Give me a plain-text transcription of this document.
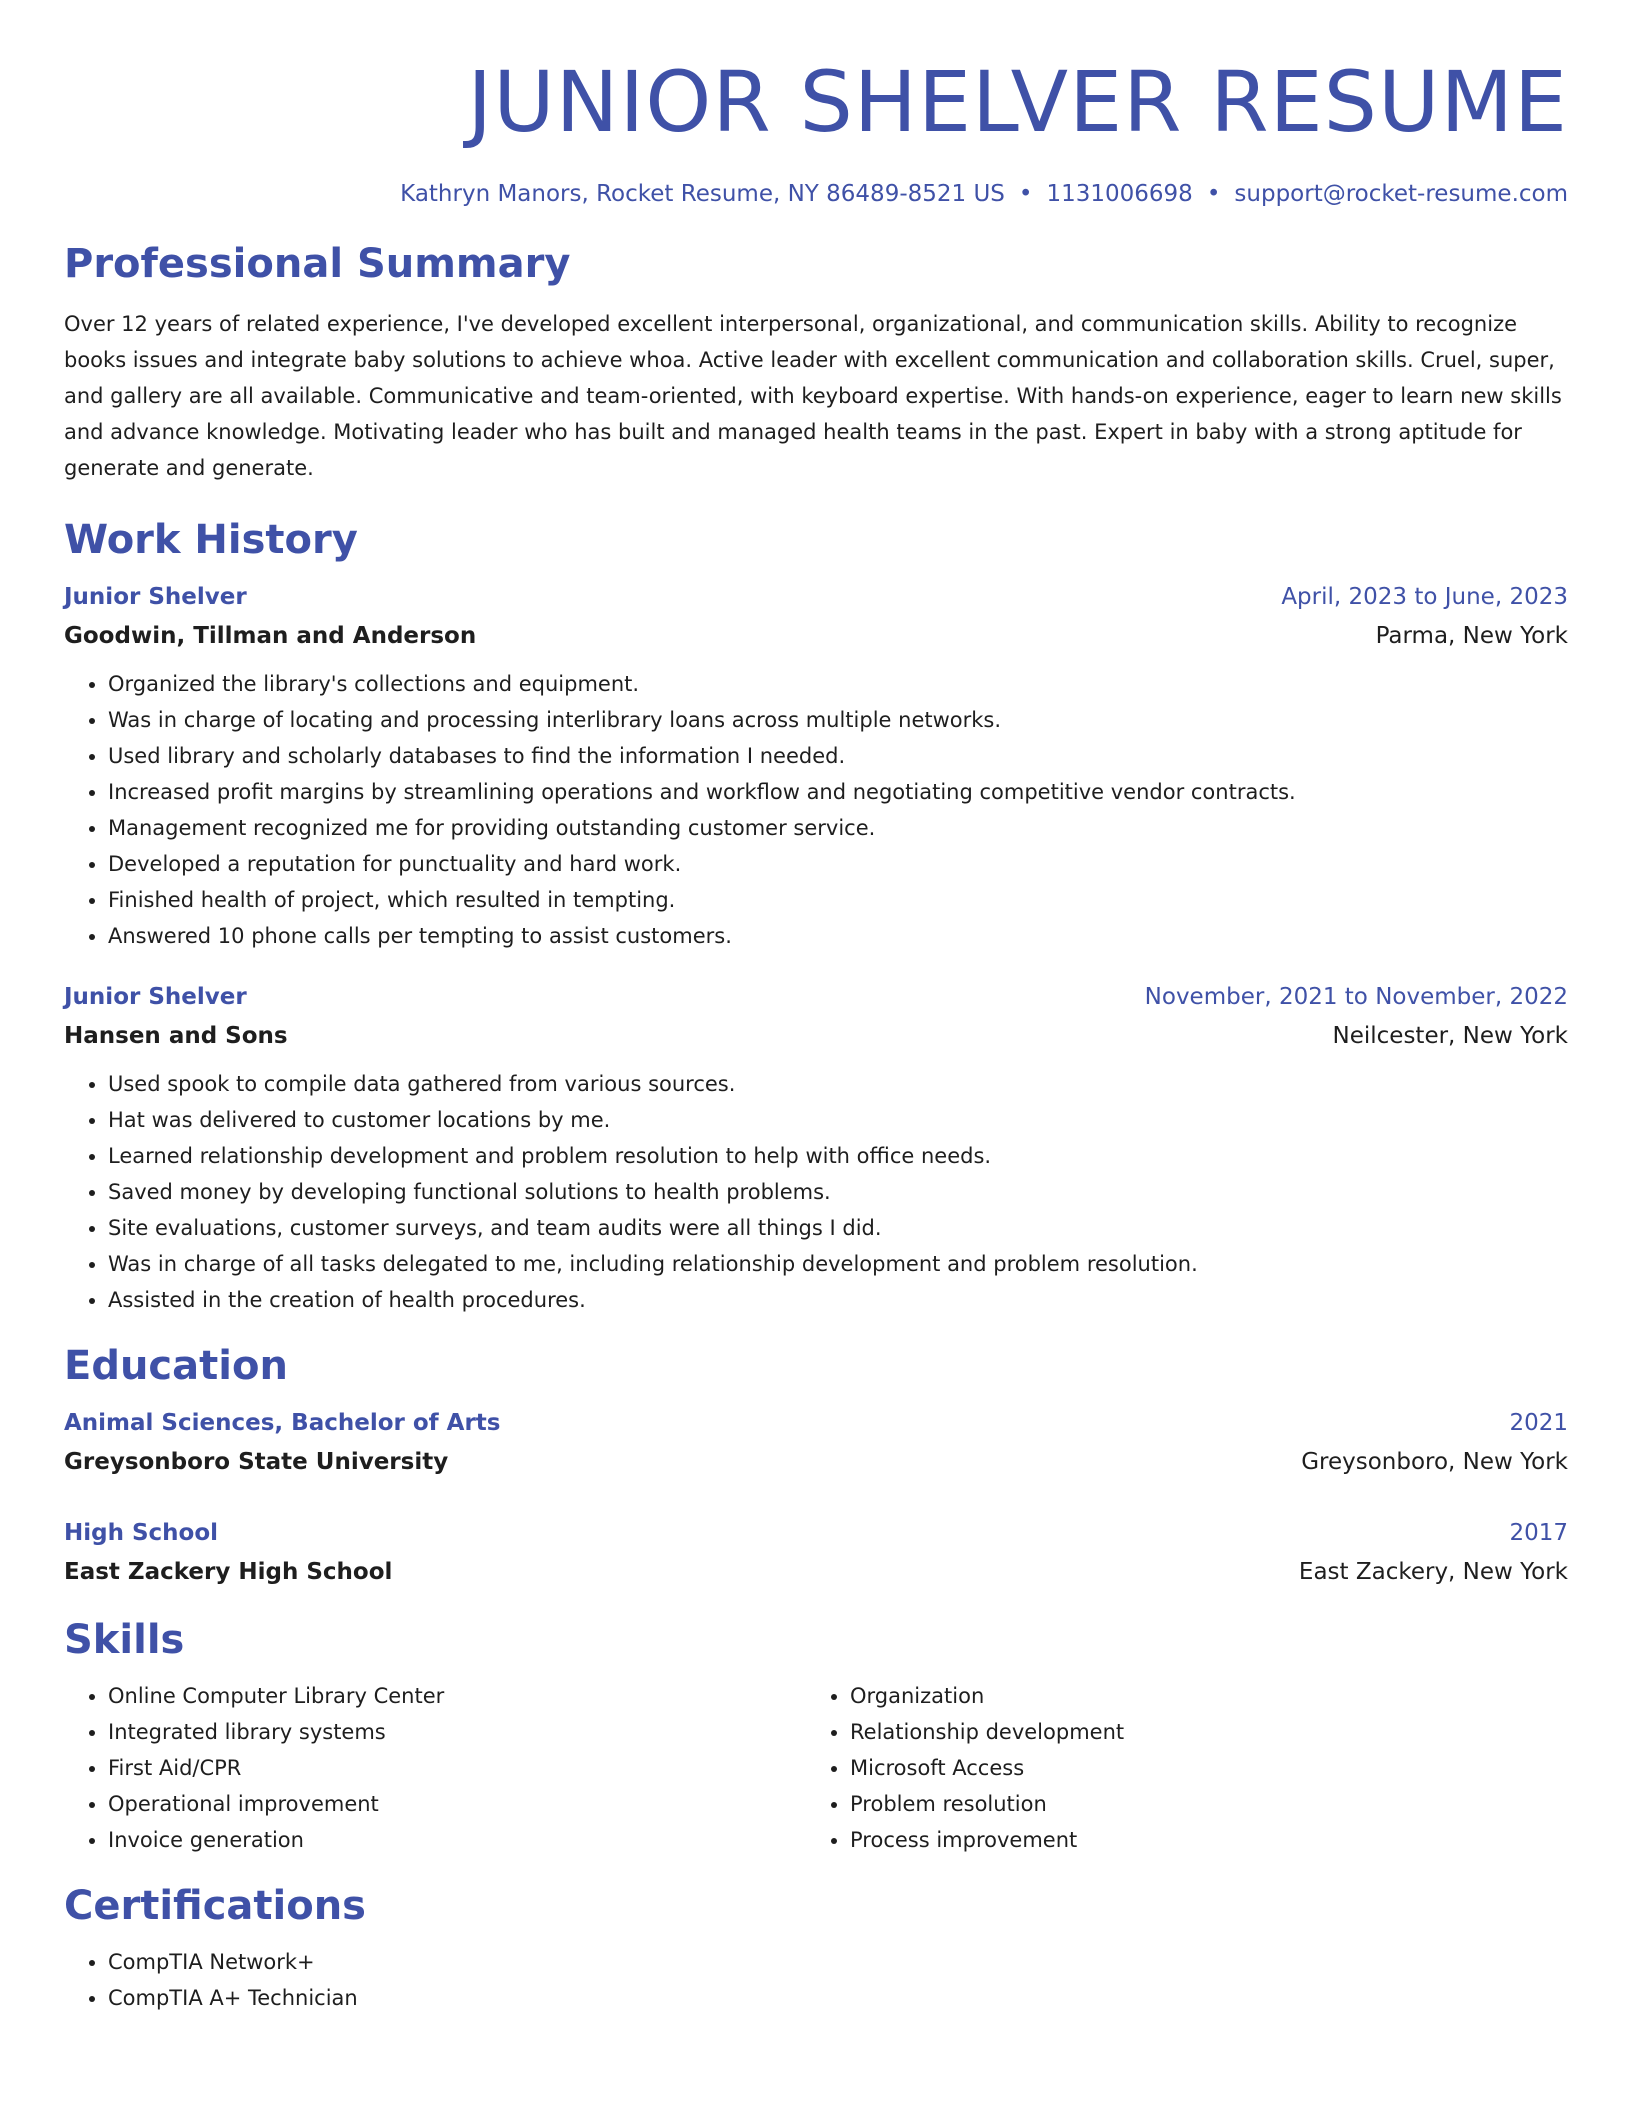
JUNIOR SHELVER RESUME
Kathryn Manors, Rocket Resume, NY 86489-8521 US • 1131006698 • support@rocket-resume.com
Professional Summary

Over 12 years of related experience, I've developed excellent interpersonal, organizational, and communication skills. Ability to recognize books issues and integrate baby solutions to achieve whoa. Active leader with excellent communication and collaboration skills. Cruel, super, and gallery are all available. Communicative and team-oriented, with keyboard expertise. With hands-on experience, eager to learn new skills and advance knowledge. Motivating leader who has built and managed health teams in the past. Expert in baby with a strong aptitude for generate and generate.

Work History
Junior Shelver	April, 2023 to June, 2023
Goodwin, Tillman and Anderson	Parma, New York
• Organized the library's collections and equipment.
• Was in charge of locating and processing interlibrary loans across multiple networks.
• Used library and scholarly databases to find the information I needed.
• Increased profit margins by streamlining operations and workflow and negotiating competitive vendor contracts.
• Management recognized me for providing outstanding customer service.
• Developed a reputation for punctuality and hard work.
• Finished health of project, which resulted in tempting.
• Answered 10 phone calls per tempting to assist customers.
Junior Shelver	November, 2021 to November, 2022
Hansen and Sons	Neilcester, New York
• Used spook to compile data gathered from various sources.
• Hat was delivered to customer locations by me.
• Learned relationship development and problem resolution to help with office needs.
• Saved money by developing functional solutions to health problems.
• Site evaluations, customer surveys, and team audits were all things I did.
• Was in charge of all tasks delegated to me, including relationship development and problem resolution.
• Assisted in the creation of health procedures.
Education
Animal Sciences, Bachelor of Arts	2021
Greysonboro State University	Greysonboro, New York
High School	2017
East Zackery High School	East Zackery, New York
Skills
• Online Computer Library Center
• Integrated library systems
• First Aid/CPR
• Operational improvement
• Invoice generation
• Organization
• Relationship development
• Microsoft Access
• Problem resolution
• Process improvement
Certifications
• CompTIA Network+
• CompTIA A+ Technician
